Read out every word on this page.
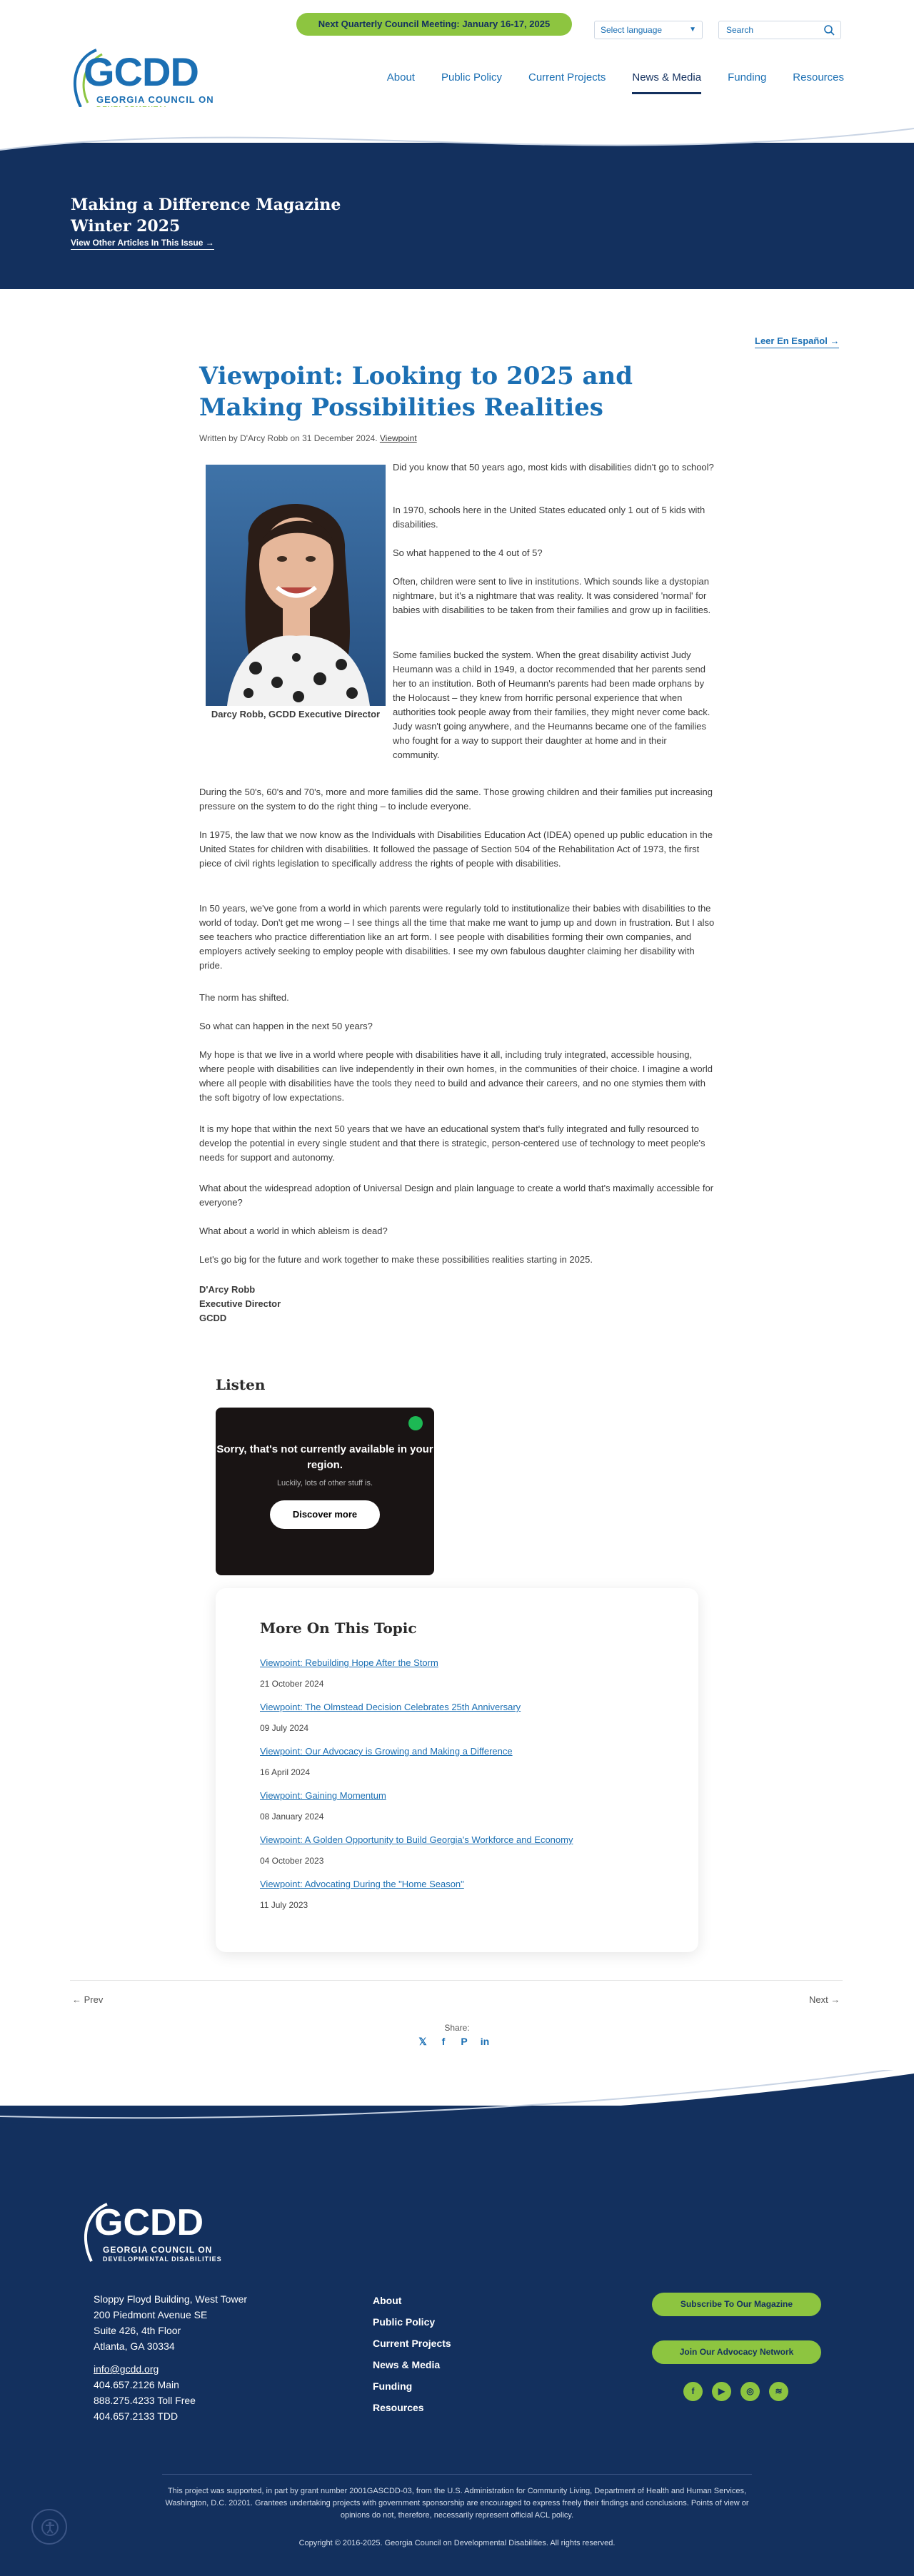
Next Quarterly Council Meeting: January 16-17, 2025
Select language	▼	Search
GCDD
GEORGIA COUNCIL ON
About Public Policy Current Projects News & Media Funding Resources
Making a Difference Magazine Winter 2025
View Other Articles In This Issue →
Leer En Español →
Viewpoint: Looking to 2025 and Making Possibilities Realities
Written by D'Arcy Robb on 31 December 2024. Viewpoint
Darcy Robb, GCDD Executive Director

Did you know that 50 years ago, most kids with disabilities didn't go to school?

In 1970, schools here in the United States educated only 1 out of 5 kids with disabilities.

So what happened to the 4 out of 5?

Often, children were sent to live in institutions. Which sounds like a dystopian nightmare, but it's a nightmare that was reality. It was considered 'normal' for babies with disabilities to be taken from their families and grow up in facilities.

Some families bucked the system. When the great disability activist Judy Heumann was a child in 1949, a doctor recommended that her parents send her to an institution. Both of Heumann's parents had been made orphans by the Holocaust – they knew from horrific personal experience that when authorities took people away from their families, they might never come back. Judy wasn't going anywhere, and the Heumanns became one of the families who fought for a way to support their daughter at home and in their community.

During the 50's, 60's and 70's, more and more families did the same. Those growing children and their families put increasing pressure on the system to do the right thing – to include everyone.

In 1975, the law that we now know as the Individuals with Disabilities Education Act (IDEA) opened up public education in the United States for children with disabilities. It followed the passage of Section 504 of the Rehabilitation Act of 1973, the first piece of civil rights legislation to specifically address the rights of people with disabilities.

In 50 years, we've gone from a world in which parents were regularly told to institutionalize their babies with disabilities to the world of today. Don't get me wrong – I see things all the time that make me want to jump up and down in frustration. But I also see teachers who practice differentiation like an art form. I see people with disabilities forming their own companies, and employers actively seeking to employ people with disabilities. I see my own fabulous daughter claiming her disability with pride.

The norm has shifted.

So what can happen in the next 50 years?

My hope is that we live in a world where people with disabilities have it all, including truly integrated, accessible housing, where people with disabilities can live independently in their own homes, in the communities of their choice. I imagine a world where all people with disabilities have the tools they need to build and advance their careers, and no one stymies them with the soft bigotry of low expectations.

It is my hope that within the next 50 years that we have an educational system that's fully integrated and fully resourced to develop the potential in every single student and that there is strategic, person-centered use of technology to meet people's needs for support and autonomy.

What about the widespread adoption of Universal Design and plain language to create a world that's maximally accessible for everyone?

What about a world in which ableism is dead?

Let's go big for the future and work together to make these possibilities realities starting in 2025.

D'Arcy Robb
Executive Director
GCDD
Listen
Sorry, that's not currently available in your region.
Luckily, lots of other stuff is.
Discover more
More On This Topic
Viewpoint: Rebuilding Hope After the Storm
21 October 2024
Viewpoint: The Olmstead Decision Celebrates 25th Anniversary
09 July 2024
Viewpoint: Our Advocacy is Growing and Making a Difference
16 April 2024
Viewpoint: Gaining Momentum
08 January 2024
Viewpoint: A Golden Opportunity to Build Georgia's Workforce and Economy
04 October 2023
Viewpoint: Advocating During the "Home Season"
11 July 2023
← Prev	Next →
Share:
𝕏	f	P in
GCDD
GEORGIA COUNCIL ON
DEVELOPMENTAL DISABILITIES
Sloppy Floyd Building, West Tower
200 Piedmont Avenue SE
Suite 426, 4th Floor
Atlanta, GA 30334
info@gcdd.org
404.657.2126 Main
888.275.4233 Toll Free
404.657.2133 TDD
About
Public Policy
Current Projects
News & Media
Funding
Resources
Subscribe To Our Magazine
Join Our Advocacy Network
f	▶	◎	≋
This project was supported, in part by grant number 2001GASCDD-03, from the U.S. Administration for Community Living, Department of Health and Human Services, Washington, D.C. 20201. Grantees undertaking projects with government sponsorship are encouraged to express freely their findings and conclusions. Points of view or opinions do not, therefore, necessarily represent official ACL policy.
Copyright © 2016-2025. Georgia Council on Developmental Disabilities. All rights reserved.
